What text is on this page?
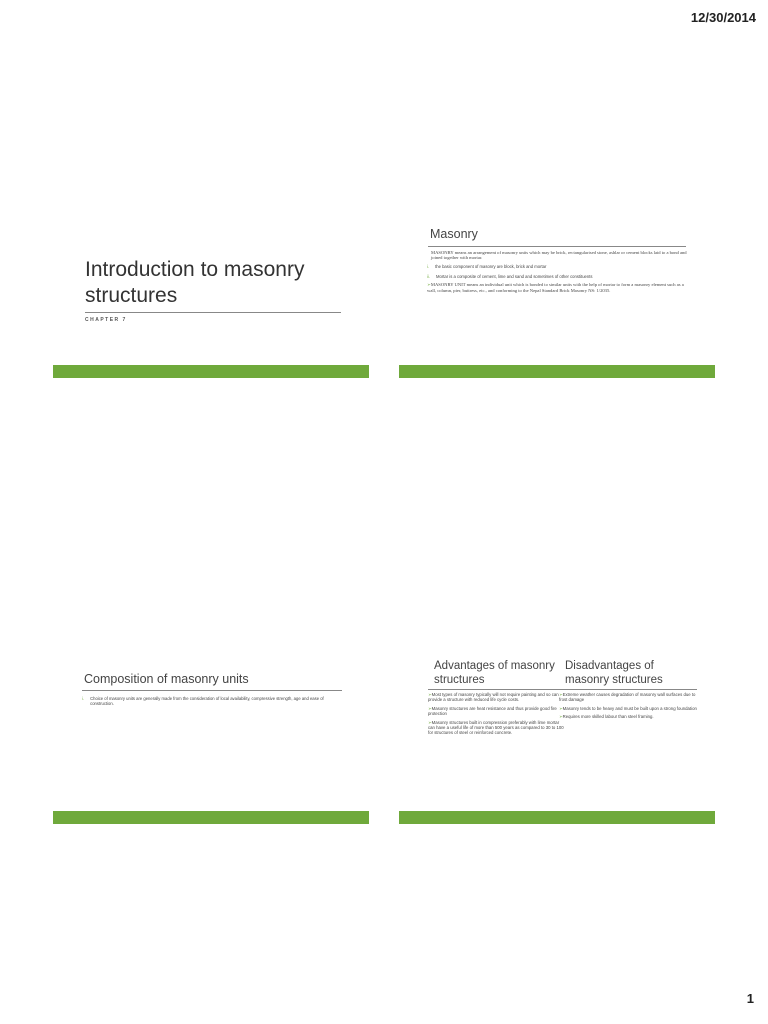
12/30/2014
Introduction to masonry structures
CHAPTER 7
Masonry
MASONRY means an arrangement of masonry units which may be brick, rectangularised stone, ashlar or cement blocks laid to a bond and joined together with mortar.
i. the basic component of masonry are block, brick and mortar
ii. Mortar is a composite of cement, lime and sand and sometimes of other constituents
➢MASONRY UNIT means an individual unit which is bonded to similar units with the help of mortar to form a masonry element such as a wall, column, pier, buttress, etc., and conforming to the Nepal Standard Brick Masonry NS: 1/2035.
Composition of masonry units
i. Choice of masonry units are generally made from the consideration of local availability, compressive strength, age and ease of construction.
Advantages of masonry structures
➢Most types of masonry typically will not require painting and so can provide a structure with reduced life cycle costs.
➢Masonry structures are heat resistance and thus provide good fire protection
➢Masonry structures built in compression preferably with lime mortar can have a useful life of more than 500 years as compared to 30 to 100 for structures of steel or reinforced concrete.
Disadvantages of masonry structures
➢Extreme weather causes degradation of masonry wall surfaces due to frost damage
➢Masonry tends to be heavy and must be built upon a strong foundation
➢Requires more skilled labour than steel framing.
1
